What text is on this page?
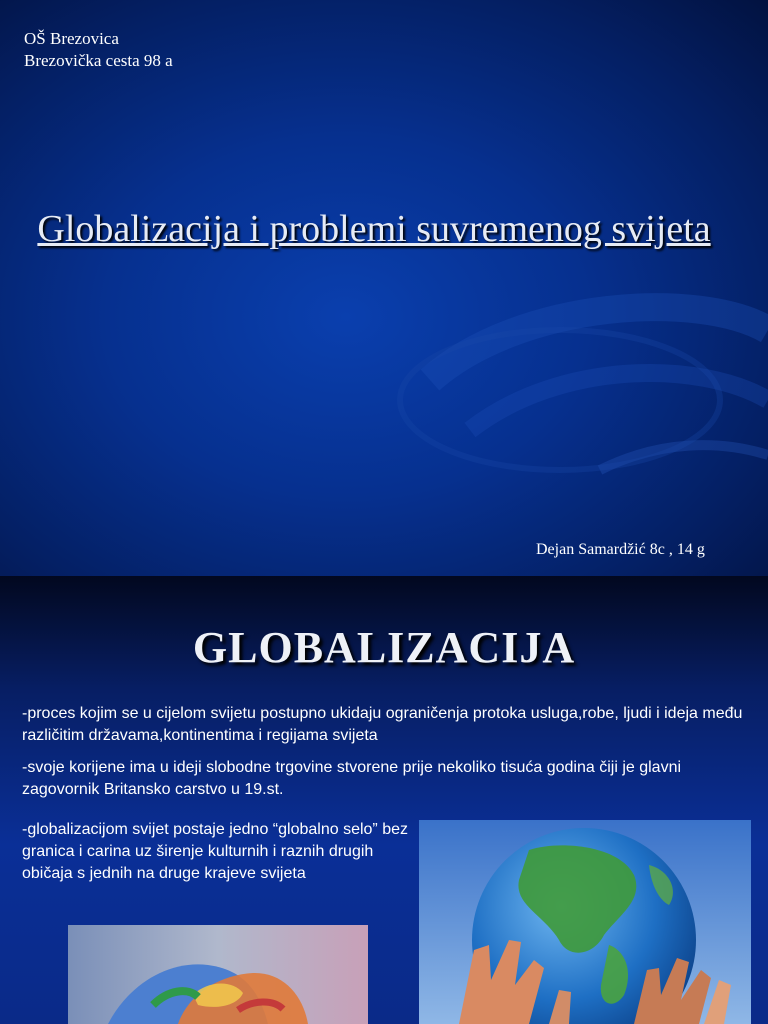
OŠ Brezovica
Brezovička cesta 98 a
Globalizacija i problemi suvremenog svijeta
Dejan Samardžić 8c , 14 g
GLOBALIZACIJA
-proces kojim se u cijelom svijetu postupno ukidaju ograničenja protoka usluga,robe, ljudi i ideja među različitim državama,kontinentima i regijama svijeta
-svoje korijene ima u ideji slobodne trgovine stvorene prije nekoliko tisuća godina čiji je glavni zagovornik Britansko carstvo u 19.st.
-globalizacijom svijet postaje jedno “globalno selo” bez granica i carina uz širenje kulturnih i raznih drugih običaja s jednih na druge krajeve svijeta
